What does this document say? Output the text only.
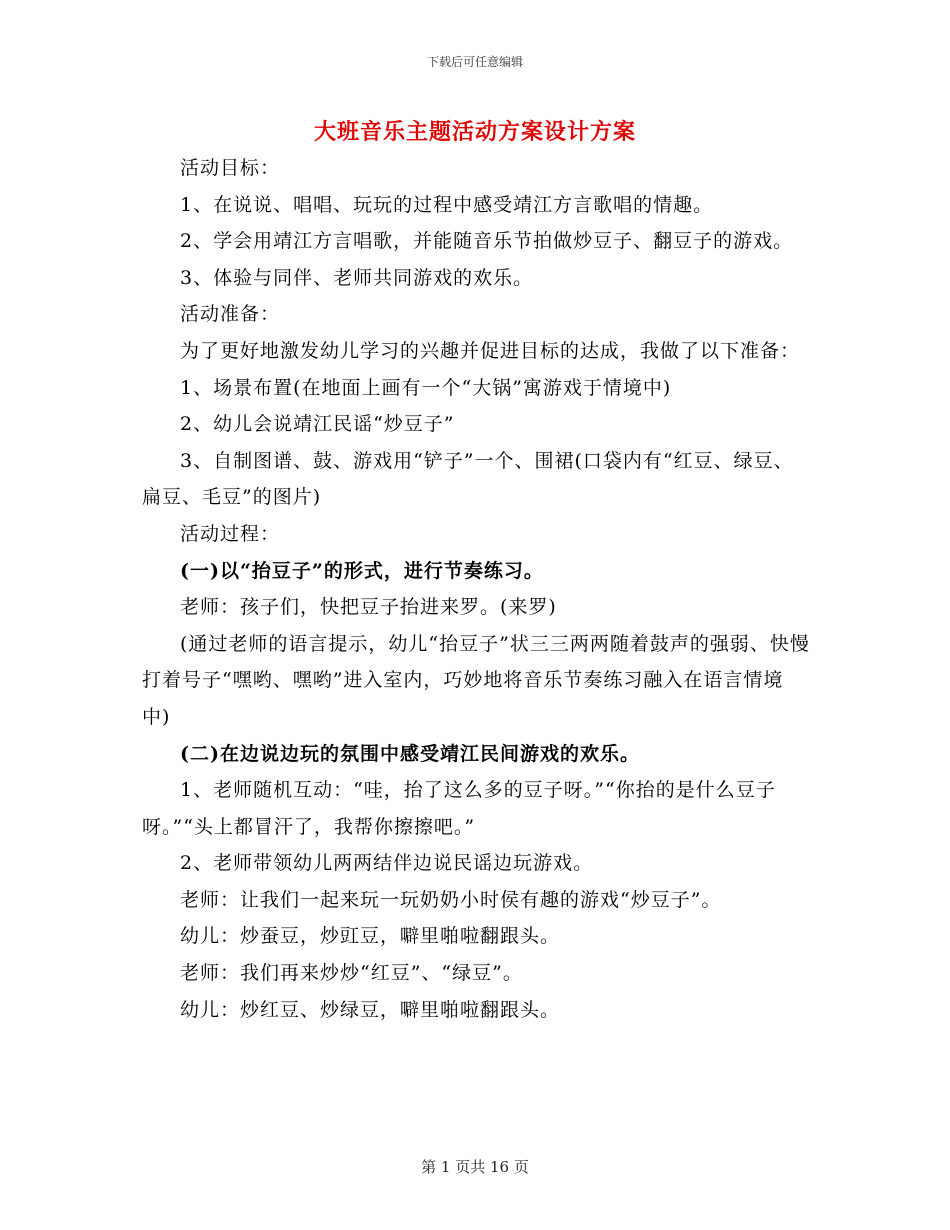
下载后可任意编辑
大班音乐主题活动方案设计方案

活动目标：

1、在说说、唱唱、玩玩的过程中感受靖江方言歌唱的情趣。

2、学会用靖江方言唱歌，并能随音乐节拍做炒豆子、翻豆子的游戏。

3、体验与同伴、老师共同游戏的欢乐。

活动准备：

为了更好地激发幼儿学习的兴趣并促进目标的达成，我做了以下准备：

1、场景布置(在地面上画有一个“大锅”寓游戏于情境中)

2、幼儿会说靖江民谣“炒豆子”

3、自制图谱、鼓、游戏用“铲子”一个、围裙(口袋内有“红豆、绿豆、扁豆、毛豆”的图片)

活动过程：

(一)以“抬豆子”的形式，进行节奏练习。

老师：孩子们，快把豆子抬进来罗。(来罗)

(通过老师的语言提示，幼儿“抬豆子”状三三两两随着鼓声的强弱、快慢打着号子“嘿哟、嘿哟”进入室内，巧妙地将音乐节奏练习融入在语言情境中)

(二)在边说边玩的氛围中感受靖江民间游戏的欢乐。

1、老师随机互动：“哇，抬了这么多的豆子呀。”“你抬的是什么豆子呀。”“头上都冒汗了，我帮你擦擦吧。”

2、老师带领幼儿两两结伴边说民谣边玩游戏。

老师：让我们一起来玩一玩奶奶小时侯有趣的游戏“炒豆子”。

幼儿：炒蚕豆，炒豇豆，噼里啪啦翻跟头。

老师：我们再来炒炒“红豆”、“绿豆”。

幼儿：炒红豆、炒绿豆，噼里啪啦翻跟头。

第 1 页共 16 页
